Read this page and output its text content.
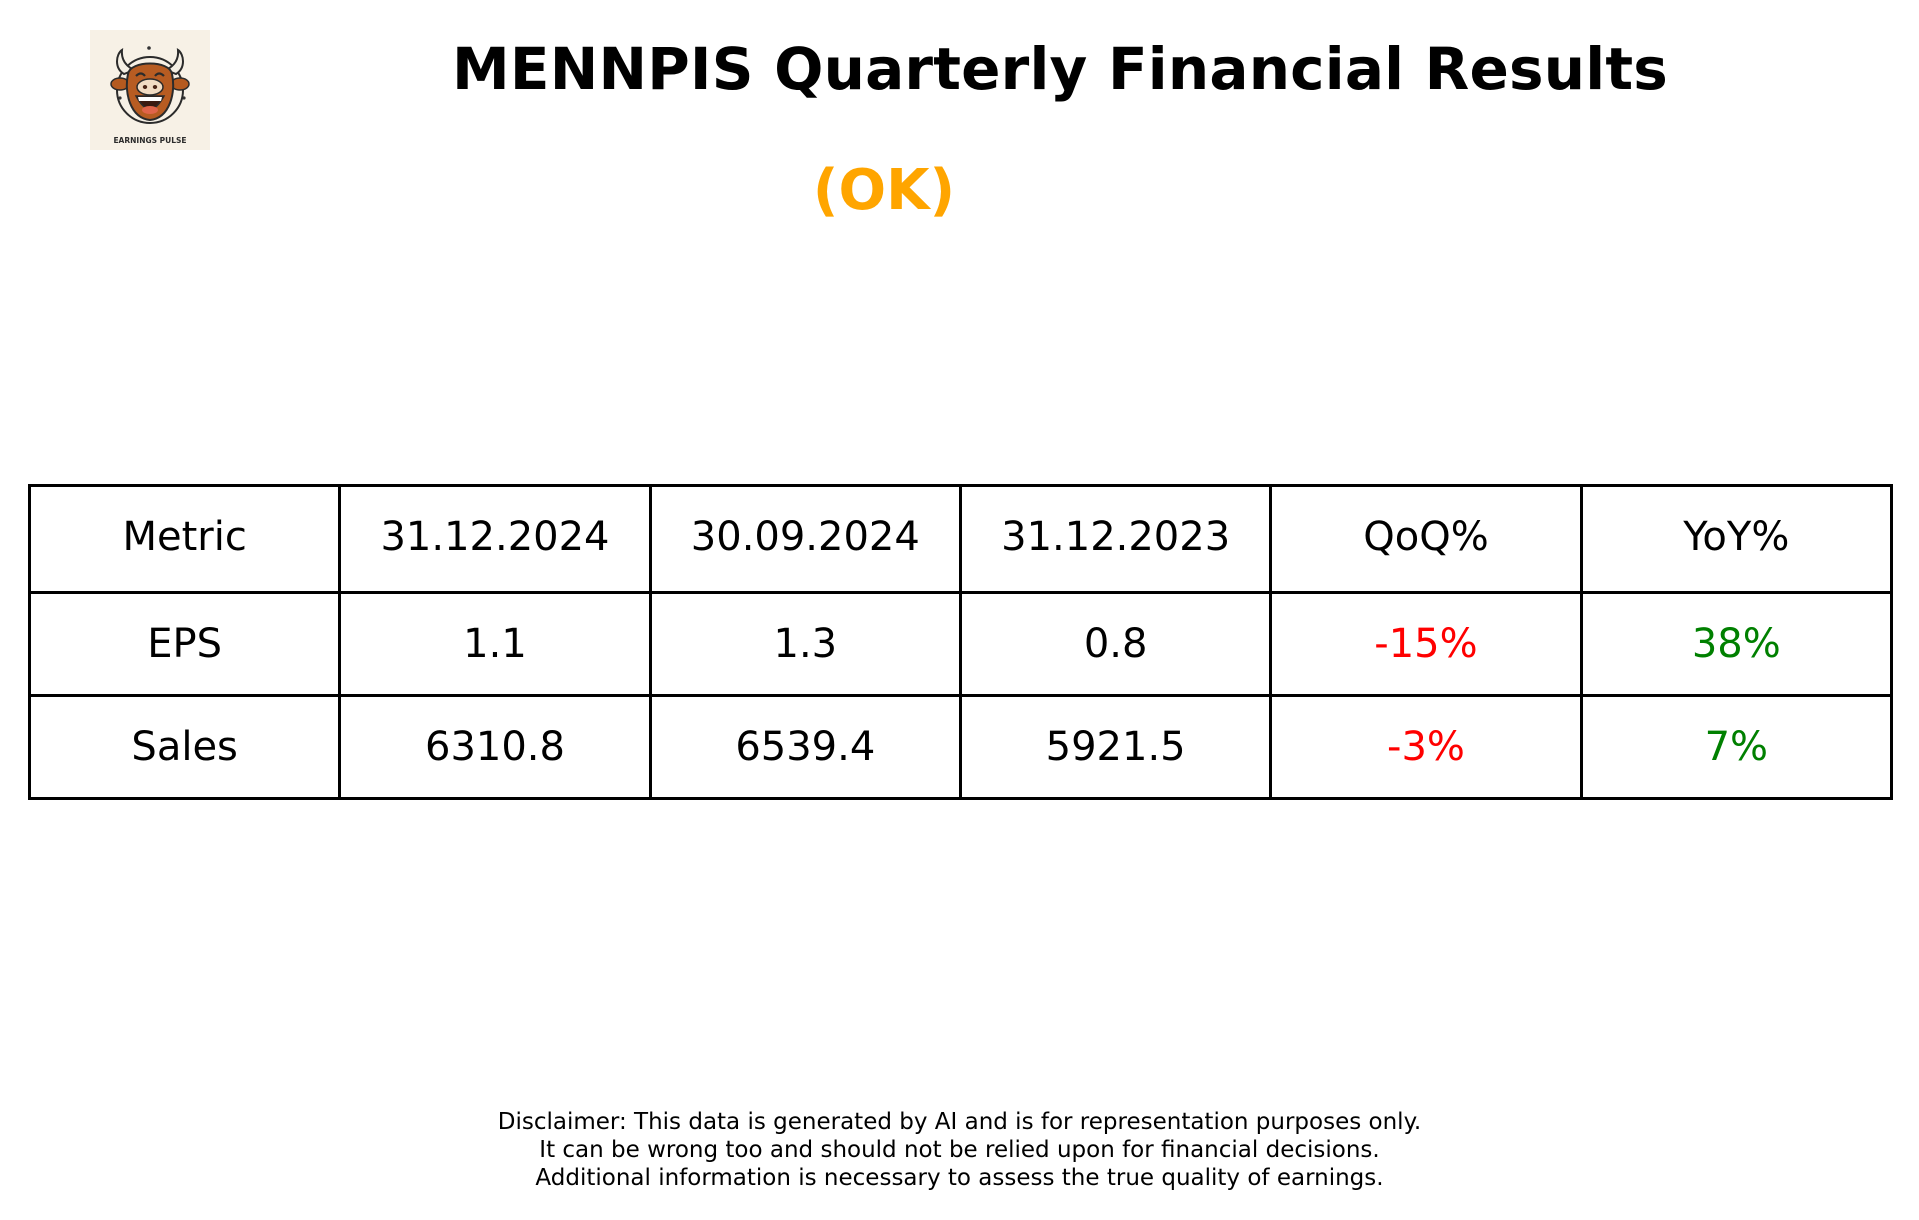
EARNINGS PULSE
MENNPIS Quarterly Financial Results
(OK)
Metric	31.12.2024	30.09.2024	31.12.2023	QoQ%	YoY%
EPS	1.1	1.3	0.8	-15%	38%
Sales	6310.8	6539.4	5921.5	-3%	7%
Disclaimer: This data is generated by AI and is for representation purposes only.
It can be wrong too and should not be relied upon for financial decisions.
Additional information is necessary to assess the true quality of earnings.
